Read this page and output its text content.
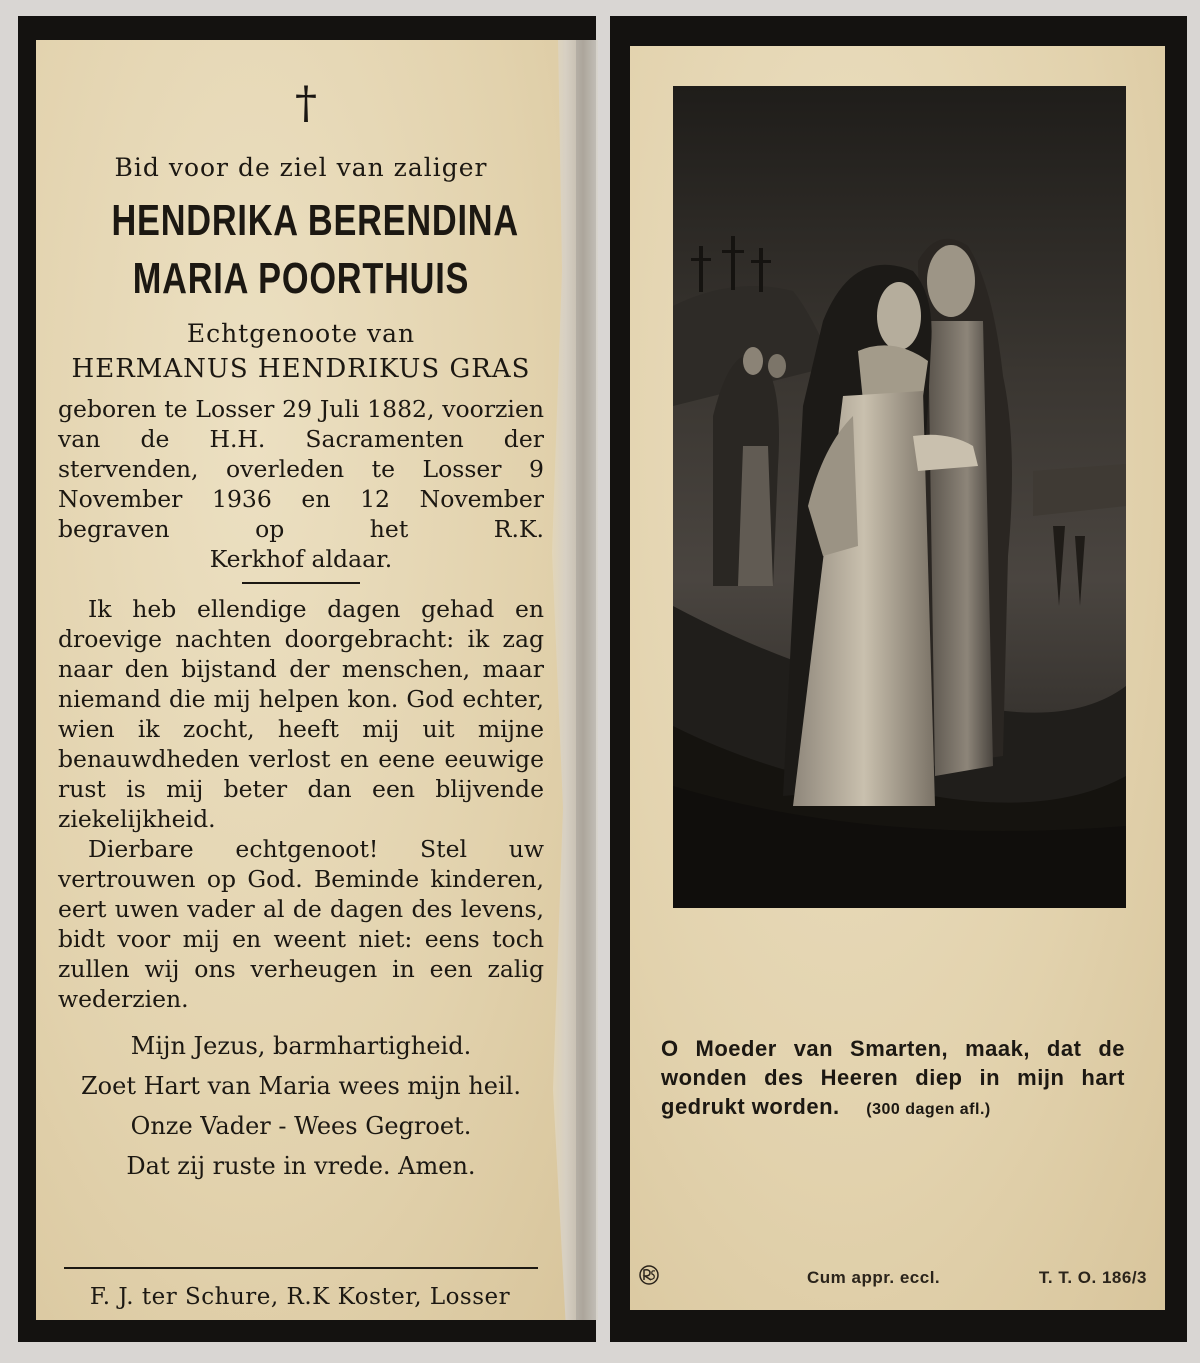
†

Bid voor de ziel van zaliger

HENDRIKA BERENDINA

MARIA POORTHUIS

Echtgenoote van

HERMANUS HENDRIKUS GRAS

geboren te Losser 29 Juli 1882, voorzien van de H.H. Sacramenten der stervenden, overleden te Losser 9 November 1936 en 12 November begraven op het R.K.

Kerkhof aldaar.

Ik heb ellendige dagen gehad en droevige nachten doorgebracht: ik zag naar den bijstand der menschen, maar niemand die mij helpen kon. God echter, wien ik zocht, heeft mij uit mijne benauwdheden verlost en eene eeuwige rust is mij beter dan een blijvende ziekelijkheid.

Dierbare echtgenoot! Stel uw vertrouwen op God. Beminde kinderen, eert uwen vader al de dagen des levens, bidt voor mij en weent niet: eens toch zullen wij ons verheugen in een zalig wederzien.

Mijn Jezus, barmhartigheid.

Zoet Hart van Maria wees mijn heil.

Onze Vader - Wees Gegroet.

Dat zij ruste in vrede. Amen.

F. J. ter Schure, R.K Koster, Losser
O Moeder van Smarten, maak, dat de wonden des Heeren diep in mijn hart gedrukt worden. (300 dagen afl.)
Cum appr. eccl.	T. T. O. 186/3
